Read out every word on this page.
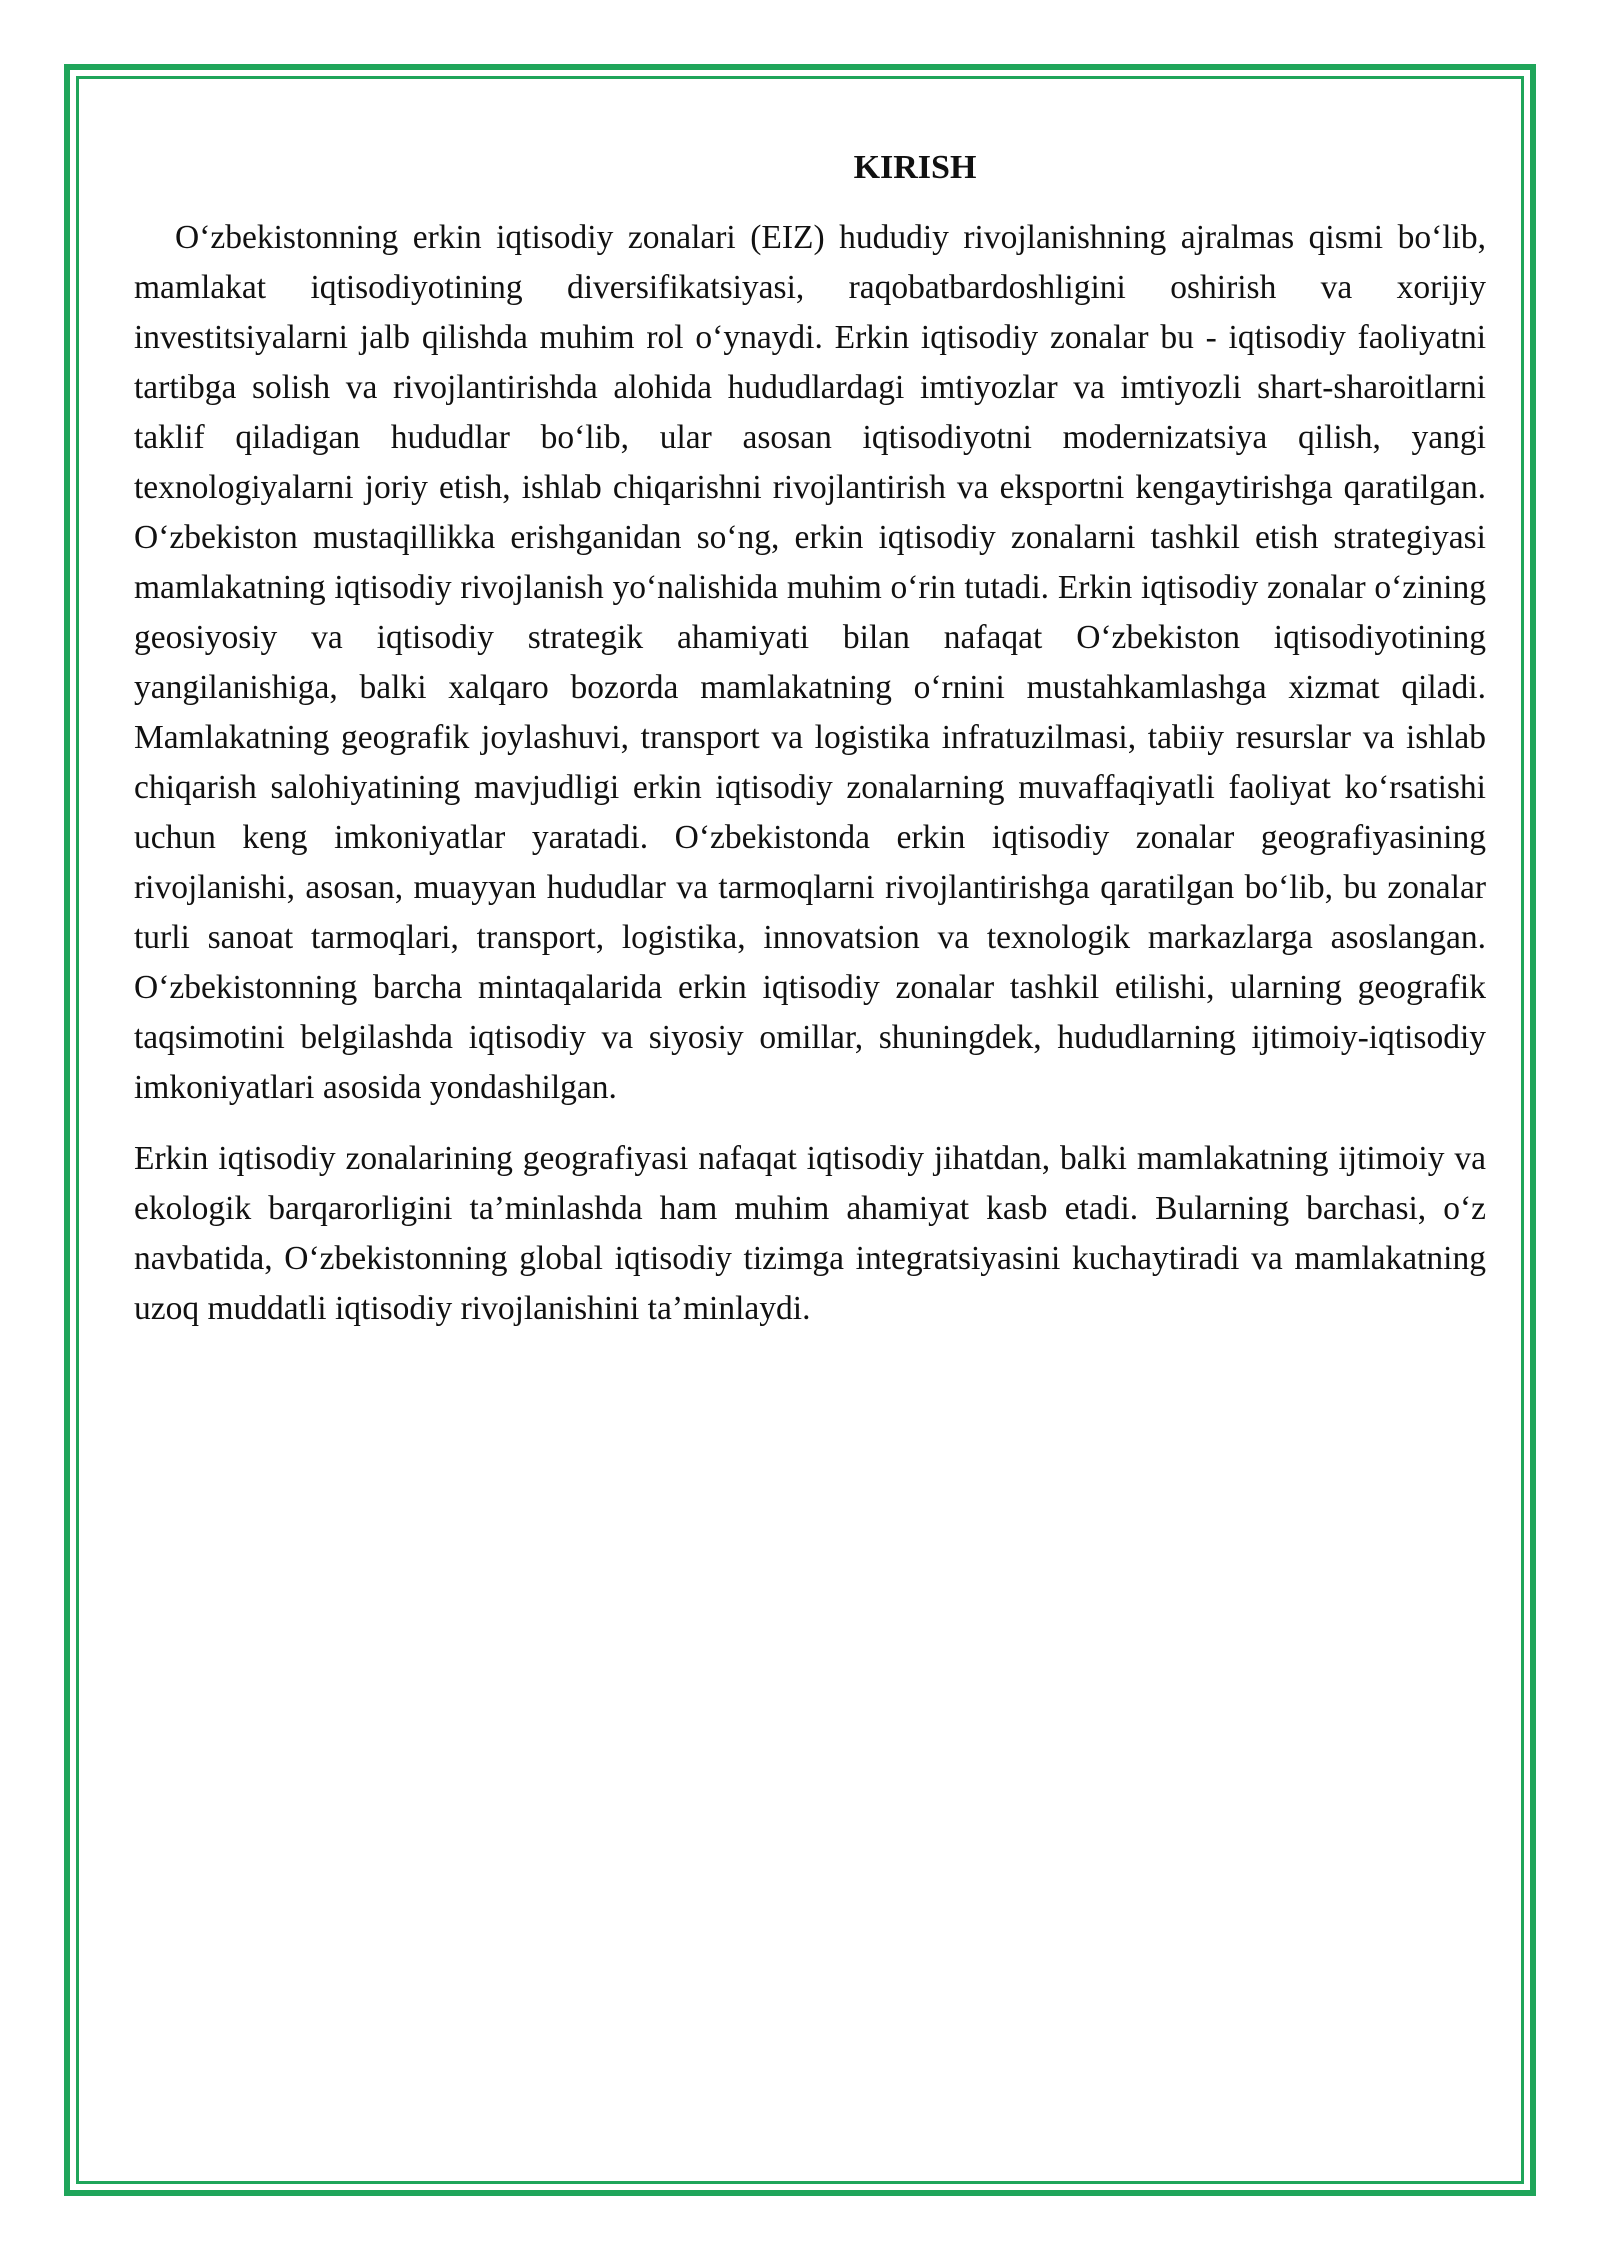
KIRISH

O‘zbekistonning erkin iqtisodiy zonalari (EIZ) hududiy rivojlanishning ajralmas qismi bo‘lib, mamlakat iqtisodiyotining diversifikatsiyasi, raqobatbardoshligini oshirish va xorijiy investitsiyalarni jalb qilishda muhim rol o‘ynaydi. Erkin iqtisodiy zonalar bu - iqtisodiy faoliyatni tartibga solish va rivojlantirishda alohida hududlardagi imtiyozlar va imtiyozli shart-sharoitlarni taklif qiladigan hududlar bo‘lib, ular asosan iqtisodiyotni modernizatsiya qilish, yangi texnologiyalarni joriy etish, ishlab chiqarishni rivojlantirish va eksportni kengaytirishga qaratilgan. O‘zbekiston mustaqillikka erishganidan so‘ng, erkin iqtisodiy zonalarni tashkil etish strategiyasi mamlakatning iqtisodiy rivojlanish yo‘nalishida muhim o‘rin tutadi. Erkin iqtisodiy zonalar o‘zining geosiyosiy va iqtisodiy strategik ahamiyati bilan nafaqat O‘zbekiston iqtisodiyotining yangilanishiga, balki xalqaro bozorda mamlakatning o‘rnini mustahkamlashga xizmat qiladi. Mamlakatning geografik joylashuvi, transport va logistika infratuzilmasi, tabiiy resurslar va ishlab chiqarish salohiyatining mavjudligi erkin iqtisodiy zonalarning muvaffaqiyatli faoliyat ko‘rsatishi uchun keng imkoniyatlar yaratadi. O‘zbekistonda erkin iqtisodiy zonalar geografiyasining rivojlanishi, asosan, muayyan hududlar va tarmoqlarni rivojlantirishga qaratilgan bo‘lib, bu zonalar turli sanoat tarmoqlari, transport, logistika, innovatsion va texnologik markazlarga asoslangan. O‘zbekistonning barcha mintaqalarida erkin iqtisodiy zonalar tashkil etilishi, ularning geografik taqsimotini belgilashda iqtisodiy va siyosiy omillar, shuningdek, hududlarning ijtimoiy-iqtisodiy imkoniyatlari asosida yondashilgan.

Erkin iqtisodiy zonalarining geografiyasi nafaqat iqtisodiy jihatdan, balki mamlakatning ijtimoiy va ekologik barqarorligini ta’minlashda ham muhim ahamiyat kasb etadi. Bularning barchasi, o‘z navbatida, O‘zbekistonning global iqtisodiy tizimga integratsiyasini kuchaytiradi va mamlakatning uzoq muddatli iqtisodiy rivojlanishini ta’minlaydi.
